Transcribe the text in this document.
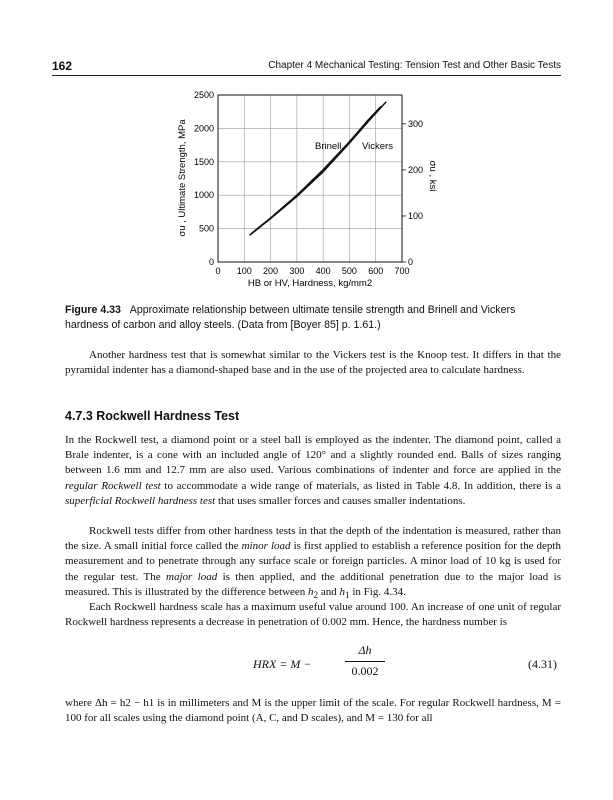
162	Chapter 4 Mechanical Testing: Tension Test and Other Basic Tests
0 100 200 300 400 500 600 700
0
500
1000
1500
2000
2500
0
100
200
300
HB or HV, Hardness, kg/mm2
σu , Ultimate Strength, MPa	σu , ksi
Brinell Vickers
Figure 4.33 Approximate relationship between ultimate tensile strength and Brinell and Vickers hardness of carbon and alloy steels. (Data from [Boyer 85] p. 1.61.)

Another hardness test that is somewhat similar to the Vickers test is the Knoop test. It differs in that the pyramidal indenter has a diamond-shaped base and in the use of the projected area to calculate hardness.

4.7.3 Rockwell Hardness Test

In the Rockwell test, a diamond point or a steel ball is employed as the indenter. The diamond point, called a Brale indenter, is a cone with an included angle of 120° and a slightly rounded end. Balls of sizes ranging between 1.6 mm and 12.7 mm are also used. Various combinations of indenter and force are applied in the regular Rockwell test to accommodate a wide range of materials, as listed in Table 4.8. In addition, there is a superficial Rockwell hardness test that uses smaller forces and causes smaller indentations.

Rockwell tests differ from other hardness tests in that the depth of the indentation is measured, rather than the size. A small initial force called the minor load is first applied to establish a reference position for the depth measurement and to penetrate through any surface scale or foreign particles. A minor load of 10 kg is used for the regular test. The major load is then applied, and the additional penetration due to the major load is measured. This is illustrated by the difference between $h_2$ and $h_1$ in Fig. 4.34.

Each Rockwell hardness scale has a maximum useful value around 100. An increase of one unit of regular Rockwell hardness represents a decrease in penetration of 0.002 mm. Hence, the hardness number is

HRX = M −
Δh
0.002	(4.31)

where Δh = h2 − h1 is in millimeters and M is the upper limit of the scale. For regular Rockwell hardness, M = 100 for all scales using the diamond point (A, C, and D scales), and M = 130 for all
